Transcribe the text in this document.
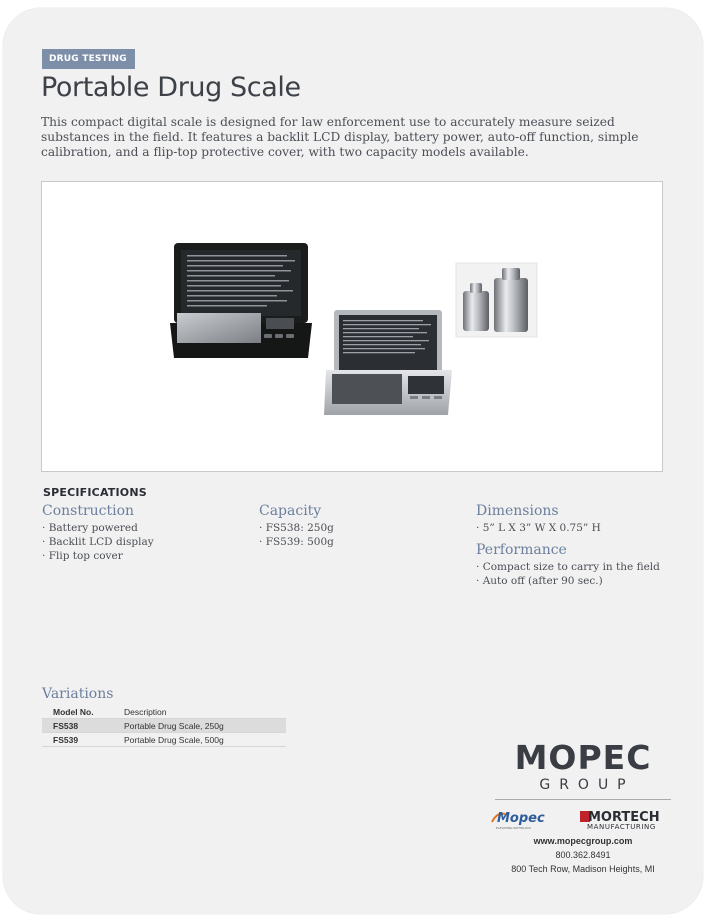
DRUG TESTING
Portable Drug Scale

This compact digital scale is designed for law enforcement use to accurately measure seized substances in the field. It features a backlit LCD display, battery power, auto-off function, simple calibration, and a flip-top protective cover, with two capacity models available.

SPECIFICATIONS
Construction
· Battery powered
· Backlit LCD display
· Flip top cover
Capacity
· FS538: 250g
· FS539: 500g
Dimensions
· 5” L X 3” W X 0.75” H
Performance
· Compact size to carry in the field
· Auto off (after 90 sec.)
Variations
Model No.	Description
FS538	Portable Drug Scale, 250g
FS539	Portable Drug Scale, 500g	MOPEC
GROUP
Mopec
ELEVATING PATHOLOGY
MORTECH
MANUFACTURING
www.mopecgroup.com
800.362.8491
800 Tech Row, Madison Heights, MI
